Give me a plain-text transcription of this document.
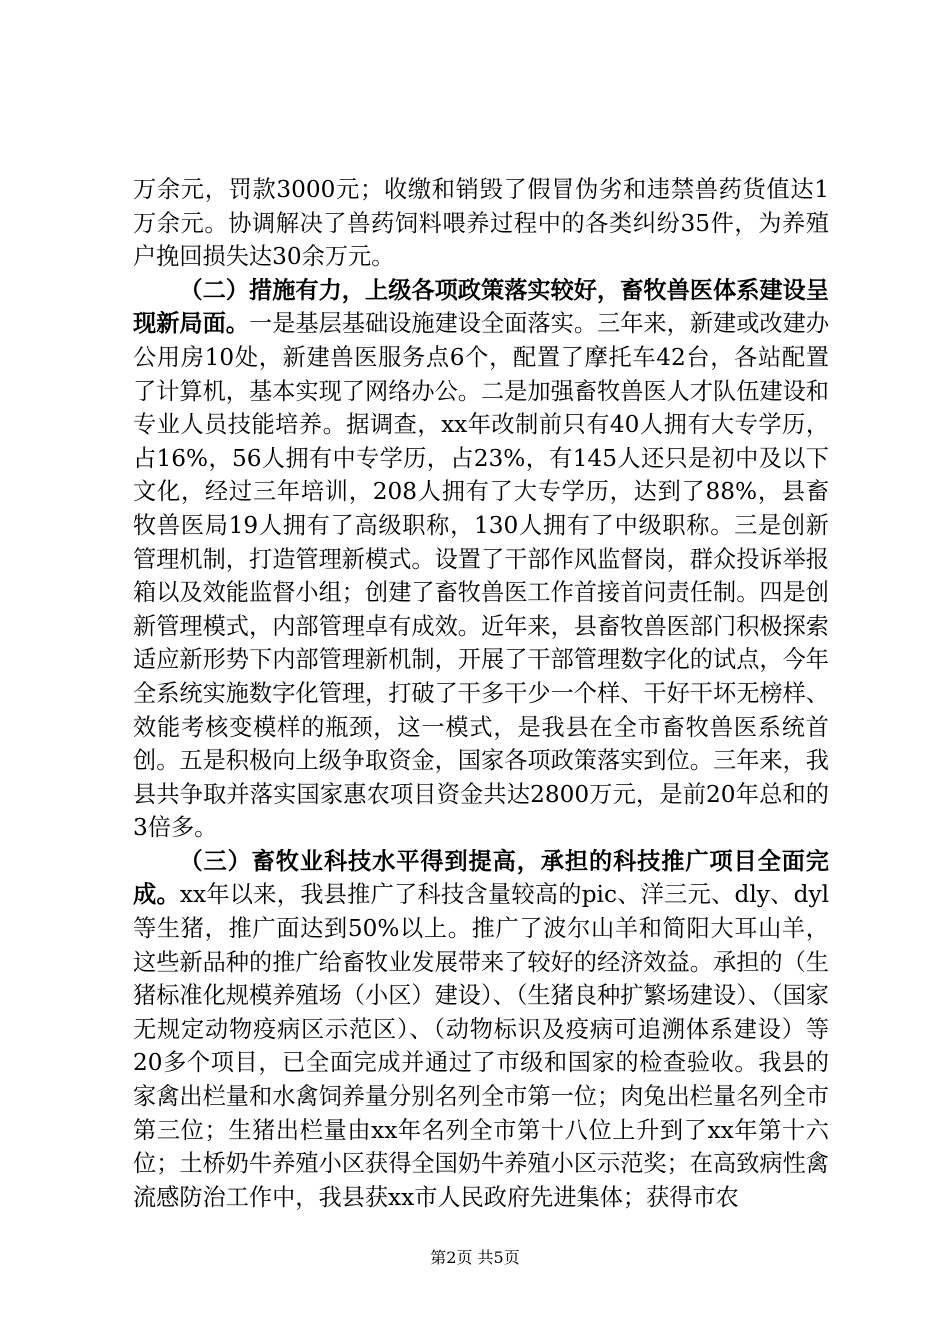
万余元，罚款3000元；收缴和销毁了假冒伪劣和违禁兽药货值达1万余元。协调解决了兽药饲料喂养过程中的各类纠纷35件，为养殖户挽回损失达30余万元。

（二）措施有力，上级各项政策落实较好，畜牧兽医体系建设呈现新局面。一是基层基础设施建设全面落实。三年来，新建或改建办公用房10处，新建兽医服务点6个，配置了摩托车42台，各站配置了计算机，基本实现了网络办公。二是加强畜牧兽医人才队伍建设和专业人员技能培养。据调查，xx年改制前只有40人拥有大专学历，占16%，56人拥有中专学历，占23%，有145人还只是初中及以下文化，经过三年培训，208人拥有了大专学历，达到了88%，县畜牧兽医局19人拥有了高级职称，130人拥有了中级职称。三是创新管理机制，打造管理新模式。设置了干部作风监督岗，群众投诉举报箱以及效能监督小组；创建了畜牧兽医工作首接首问责任制。四是创新管理模式，内部管理卓有成效。近年来，县畜牧兽医部门积极探索适应新形势下内部管理新机制，开展了干部管理数字化的试点，今年全系统实施数字化管理，打破了干多干少一个样、干好干坏无榜样、效能考核变模样的瓶颈，这一模式，是我县在全市畜牧兽医系统首创。五是积极向上级争取资金，国家各项政策落实到位。三年来，我县共争取并落实国家惠农项目资金共达2800万元，是前20年总和的3倍多。

（三）畜牧业科技水平得到提高，承担的科技推广项目全面完成。xx年以来，我县推广了科技含量较高的pic、洋三元、dly、dyl等生猪，推广面达到50%以上。推广了波尔山羊和简阳大耳山羊，这些新品种的推广给畜牧业发展带来了较好的经济效益。承担的（生猪标准化规模养殖场（小区）建设）、（生猪良种扩繁场建设）、（国家无规定动物疫病区示范区）、（动物标识及疫病可追溯体系建设）等20多个项目，已全面完成并通过了市级和国家的检查验收。我县的家禽出栏量和水禽饲养量分别名列全市第一位；肉兔出栏量名列全市第三位；生猪出栏量由xx年名列全市第十八位上升到了xx年第十六位；土桥奶牛养殖小区获得全国奶牛养殖小区示范奖；在高致病性禽流感防治工作中，我县获xx市人民政府先进集体；获得市农

第2页 共5页
